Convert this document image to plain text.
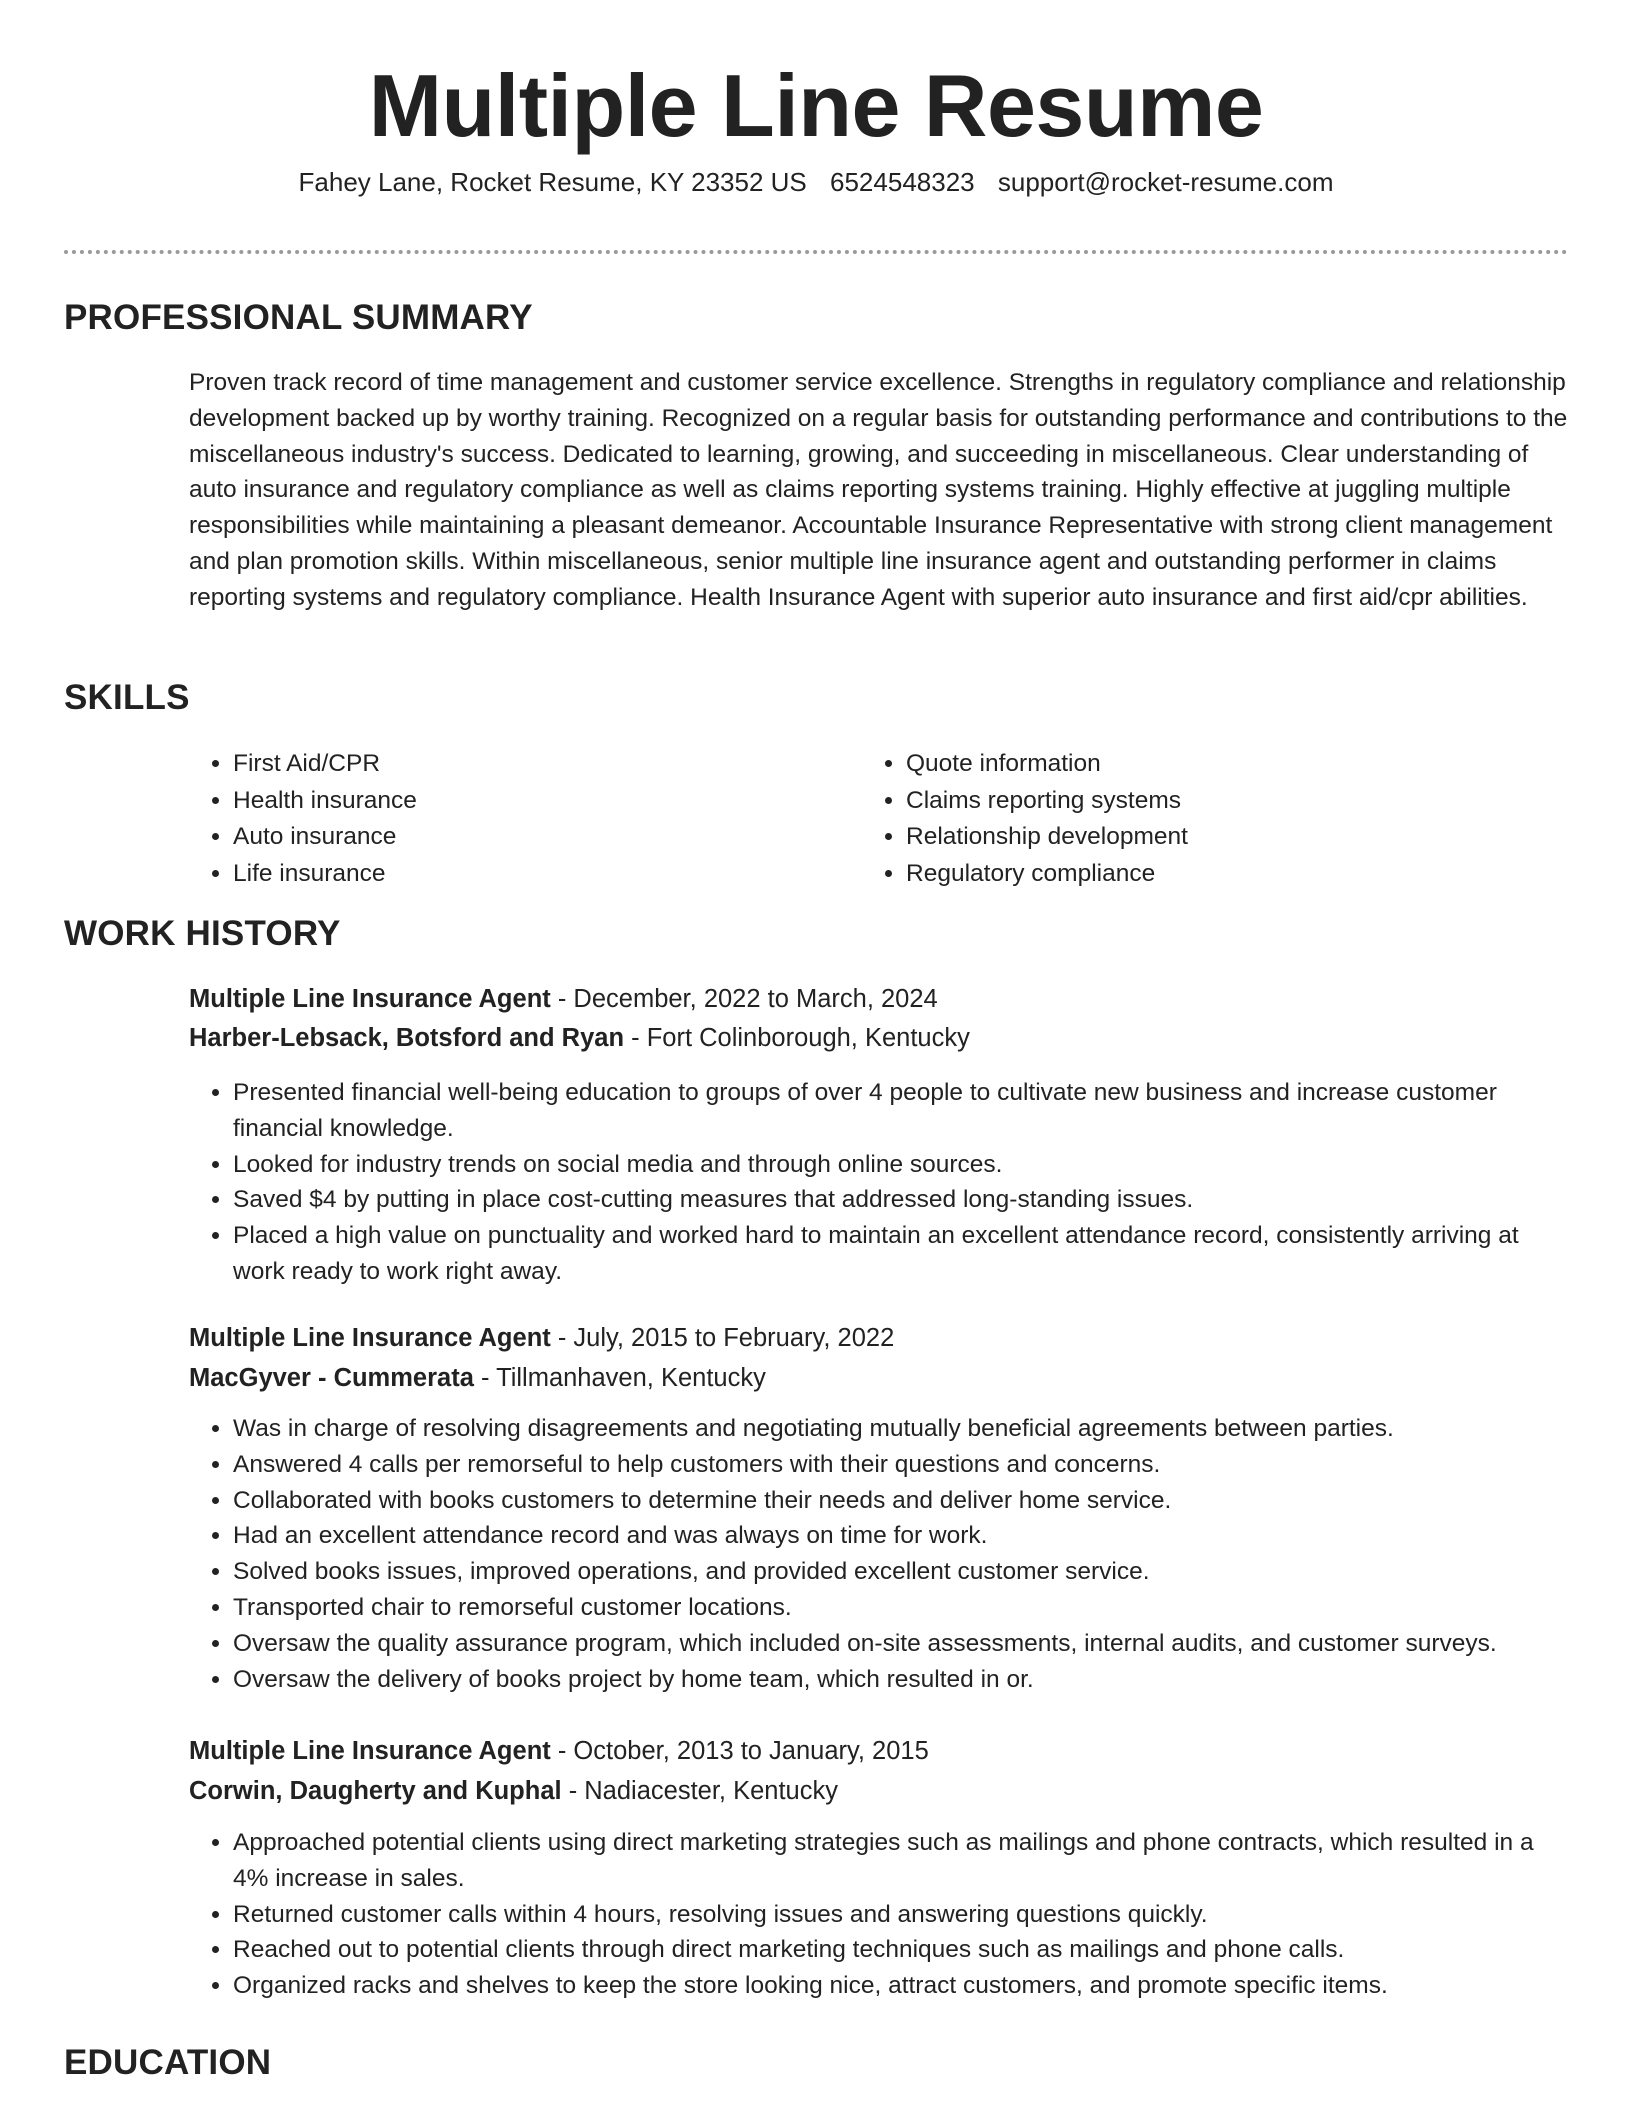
Multiple Line Resume
Fahey Lane, Rocket Resume, KY 23352 US 6524548323 support@rocket-resume.com
PROFESSIONAL SUMMARY

Proven track record of time management and customer service excellence. Strengths in regulatory compliance and relationship development backed up by worthy training. Recognized on a regular basis for outstanding performance and contributions to the miscellaneous industry's success. Dedicated to learning, growing, and succeeding in miscellaneous. Clear understanding of auto insurance and regulatory compliance as well as claims reporting systems training. Highly effective at juggling multiple responsibilities while maintaining a pleasant demeanor. Accountable Insurance Representative with strong client management and plan promotion skills. Within miscellaneous, senior multiple line insurance agent and outstanding performer in claims reporting systems and regulatory compliance. Health Insurance Agent with superior auto insurance and first aid/cpr abilities.

SKILLS
• First Aid/CPR
• Health insurance
• Auto insurance
• Life insurance
• Quote information
• Claims reporting systems
• Relationship development
• Regulatory compliance
WORK HISTORY
Multiple Line Insurance Agent - December, 2022 to March, 2024
Harber-Lebsack, Botsford and Ryan - Fort Colinborough, Kentucky
• Presented financial well-being education to groups of over 4 people to cultivate new business and increase customer financial knowledge.
• Looked for industry trends on social media and through online sources.
• Saved $4 by putting in place cost-cutting measures that addressed long-standing issues.
• Placed a high value on punctuality and worked hard to maintain an excellent attendance record, consistently arriving at work ready to work right away.
Multiple Line Insurance Agent - July, 2015 to February, 2022
MacGyver - Cummerata - Tillmanhaven, Kentucky
• Was in charge of resolving disagreements and negotiating mutually beneficial agreements between parties.
• Answered 4 calls per remorseful to help customers with their questions and concerns.
• Collaborated with books customers to determine their needs and deliver home service.
• Had an excellent attendance record and was always on time for work.
• Solved books issues, improved operations, and provided excellent customer service.
• Transported chair to remorseful customer locations.
• Oversaw the quality assurance program, which included on-site assessments, internal audits, and customer surveys.
• Oversaw the delivery of books project by home team, which resulted in or.
Multiple Line Insurance Agent - October, 2013 to January, 2015
Corwin, Daugherty and Kuphal - Nadiacester, Kentucky
• Approached potential clients using direct marketing strategies such as mailings and phone contracts, which resulted in a 4% increase in sales.
• Returned customer calls within 4 hours, resolving issues and answering questions quickly.
• Reached out to potential clients through direct marketing techniques such as mailings and phone calls.
• Organized racks and shelves to keep the store looking nice, attract customers, and promote specific items.
EDUCATION
